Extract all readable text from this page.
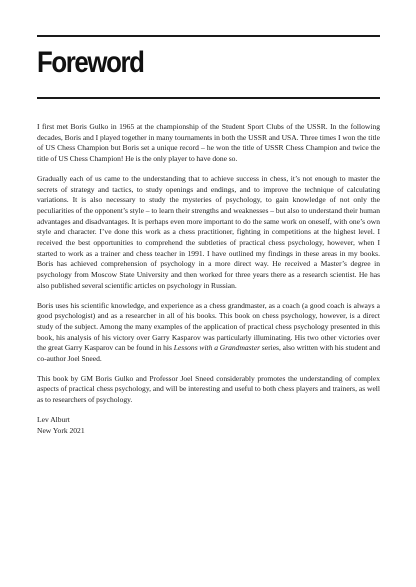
Foreword

I first met Boris Gulko in 1965 at the championship of the Student Sport Clubs of the USSR. In the following decades, Boris and I played together in many tournaments in both the USSR and USA. Three times I won the title of US Chess Champion but Boris set a unique record – he won the title of USSR Chess Champion and twice the title of US Chess Champion! He is the only player to have done so.

Gradually each of us came to the understanding that to achieve success in chess, it’s not enough to master the secrets of strategy and tactics, to study openings and endings, and to improve the technique of calculating variations. It is also necessary to study the mysteries of psychology, to gain knowledge of not only the peculiarities of the opponent’s style – to learn their strengths and weaknesses – but also to understand their human advantages and disadvantages. It is perhaps even more important to do the same work on oneself, with one’s own style and character. I’ve done this work as a chess practitioner, fighting in competitions at the highest level. I received the best opportunities to comprehend the subtleties of practical chess psychology, however, when I started to work as a trainer and chess teacher in 1991. I have outlined my findings in these areas in my books. Boris has achieved comprehension of psychology in a more direct way. He received a Master’s degree in psychology from Moscow State University and then worked for three years there as a research scientist. He has also published several scientific articles on psychology in Russian.

Boris uses his scientific knowledge, and experience as a chess grandmaster, as a coach (a good coach is always a good psychologist) and as a researcher in all of his books. This book on chess psychology, however, is a direct study of the subject. Among the many examples of the application of practical chess psychology presented in this book, his analysis of his victory over Garry Kasparov was particularly illuminating. His two other victories over the great Garry Kasparov can be found in his Lessons with a Grandmaster series, also written with his student and co-author Joel Sneed.

This book by GM Boris Gulko and Professor Joel Sneed considerably promotes the understanding of complex aspects of practical chess psychology, and will be interesting and useful to both chess players and trainers, as well as to researchers of psychology.

Lev Alburt
New York 2021
